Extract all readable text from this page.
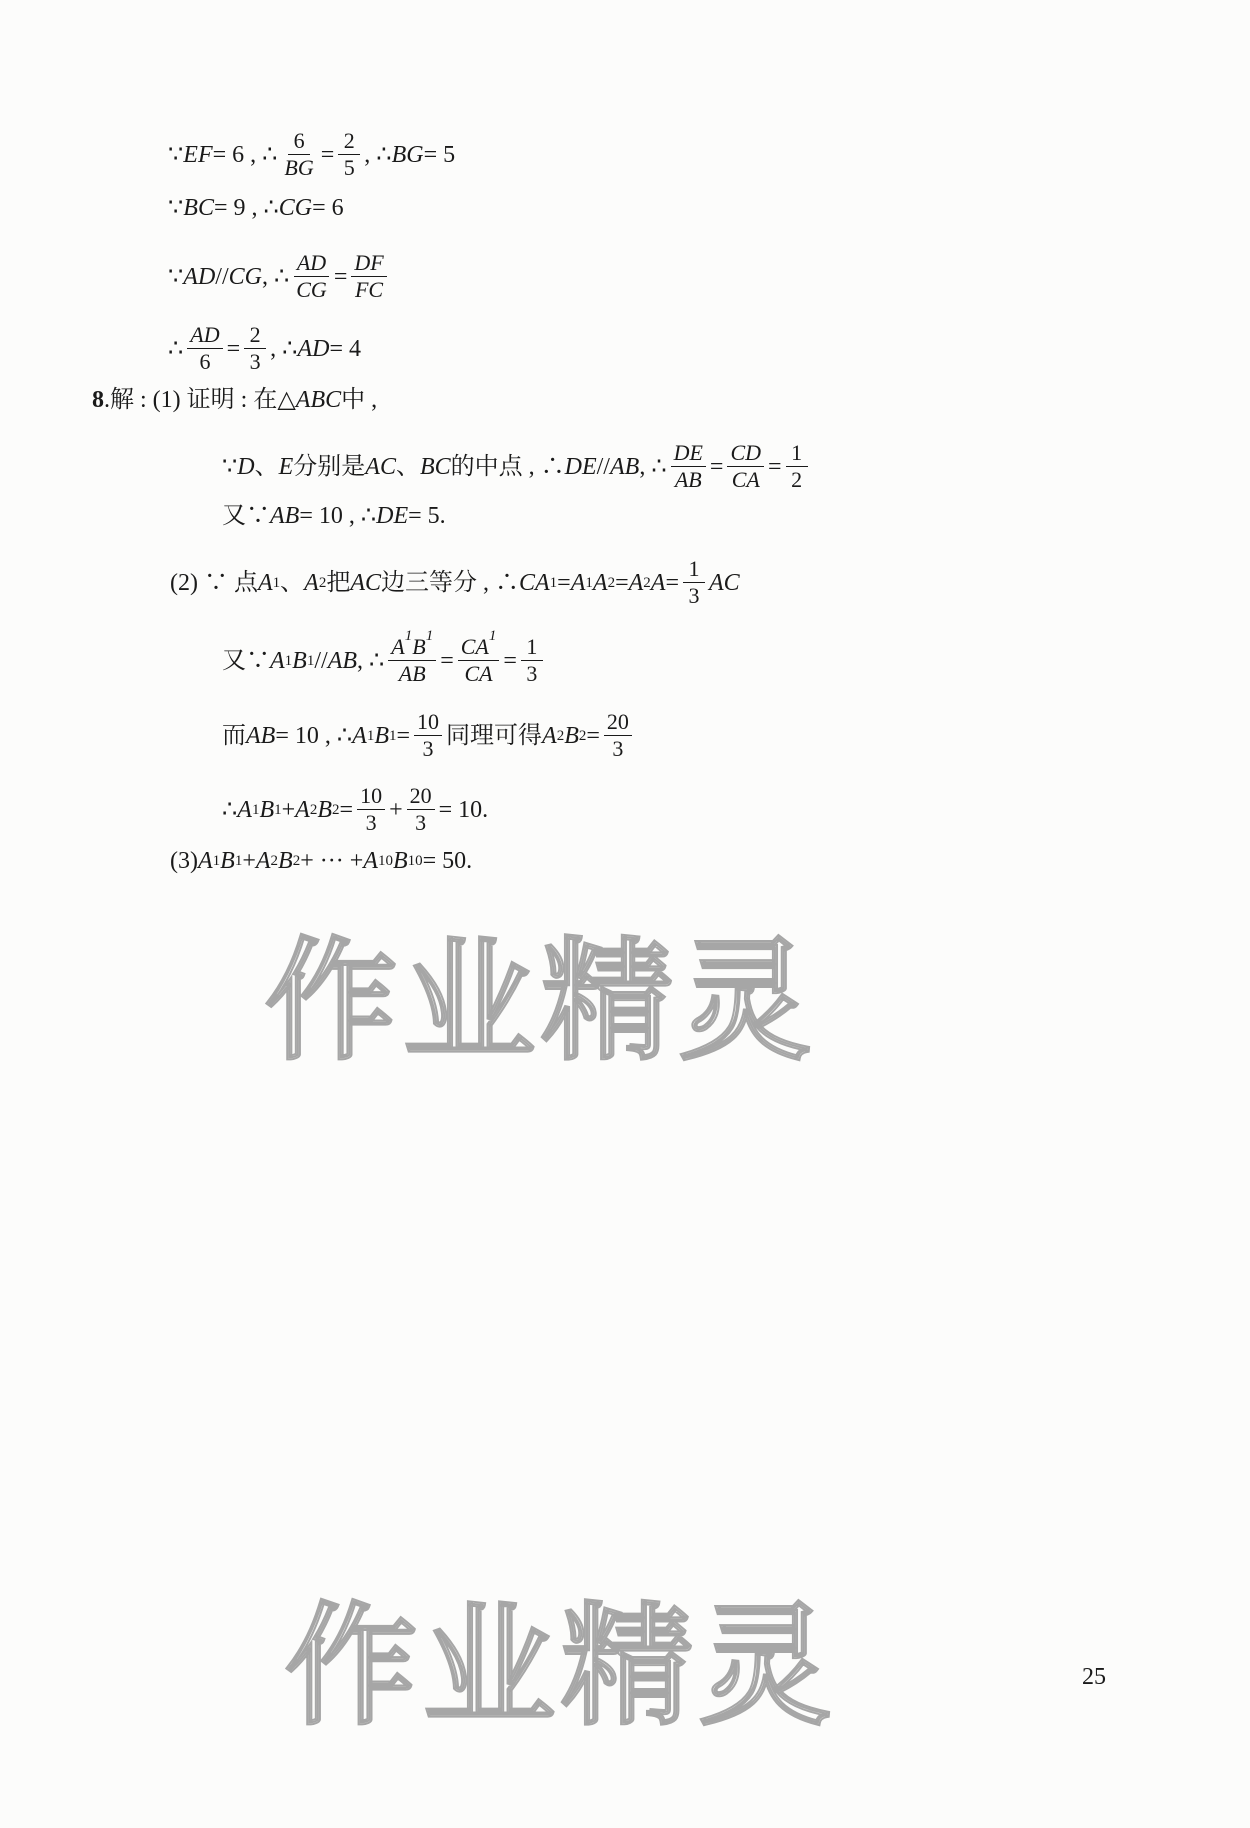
∵ EF = 6 , ∴ $\frac{6}{BG} = \frac{2}{5}$ , ∴ BG = 5
∵ BC = 9 , ∴ CG = 6
∵ AD // CG , ∴ $\frac{AD}{CG} = \frac{DF}{FC}$
∴ $\frac{AD}{6} = \frac{2}{3}$ , ∴ AD = 4
8 . 解 : (1) 证明 : 在△ ABC 中 ,
∵ D 、 E 分别是 AC 、 BC 的中点 , ∴ DE // AB , ∴ $\frac{DE}{AB} = \frac{CD}{CA} = \frac{1}{2}$
又∵ AB = 10 , ∴ DE = 5.
(2) ∵ 点 A 1 、 A 2 把 AC 边三等分 , ∴ CA 1 = A 1 A 2 = A 2 $A = \frac{1}{3}$ AC
又∵ A 1 B 1 // AB , ∴ $\frac{A 1 B 1}{AB} = \frac{CA 1}{CA} = \frac{1}{3}$
而 AB = 10 , ∴ A 1 B $1 = \frac{10}{3}$ 同理可得 A 2 B $2 = \frac{20}{3}$
∴ A 1 B 1 + A 2 B $2 = \frac{10}{3} + \frac{20}{3} = 10$.
(3) A 1 B 1 + A 2 B 2 + ··· + A 10 B 10 = 50.
作业精灵
作业精灵	25
